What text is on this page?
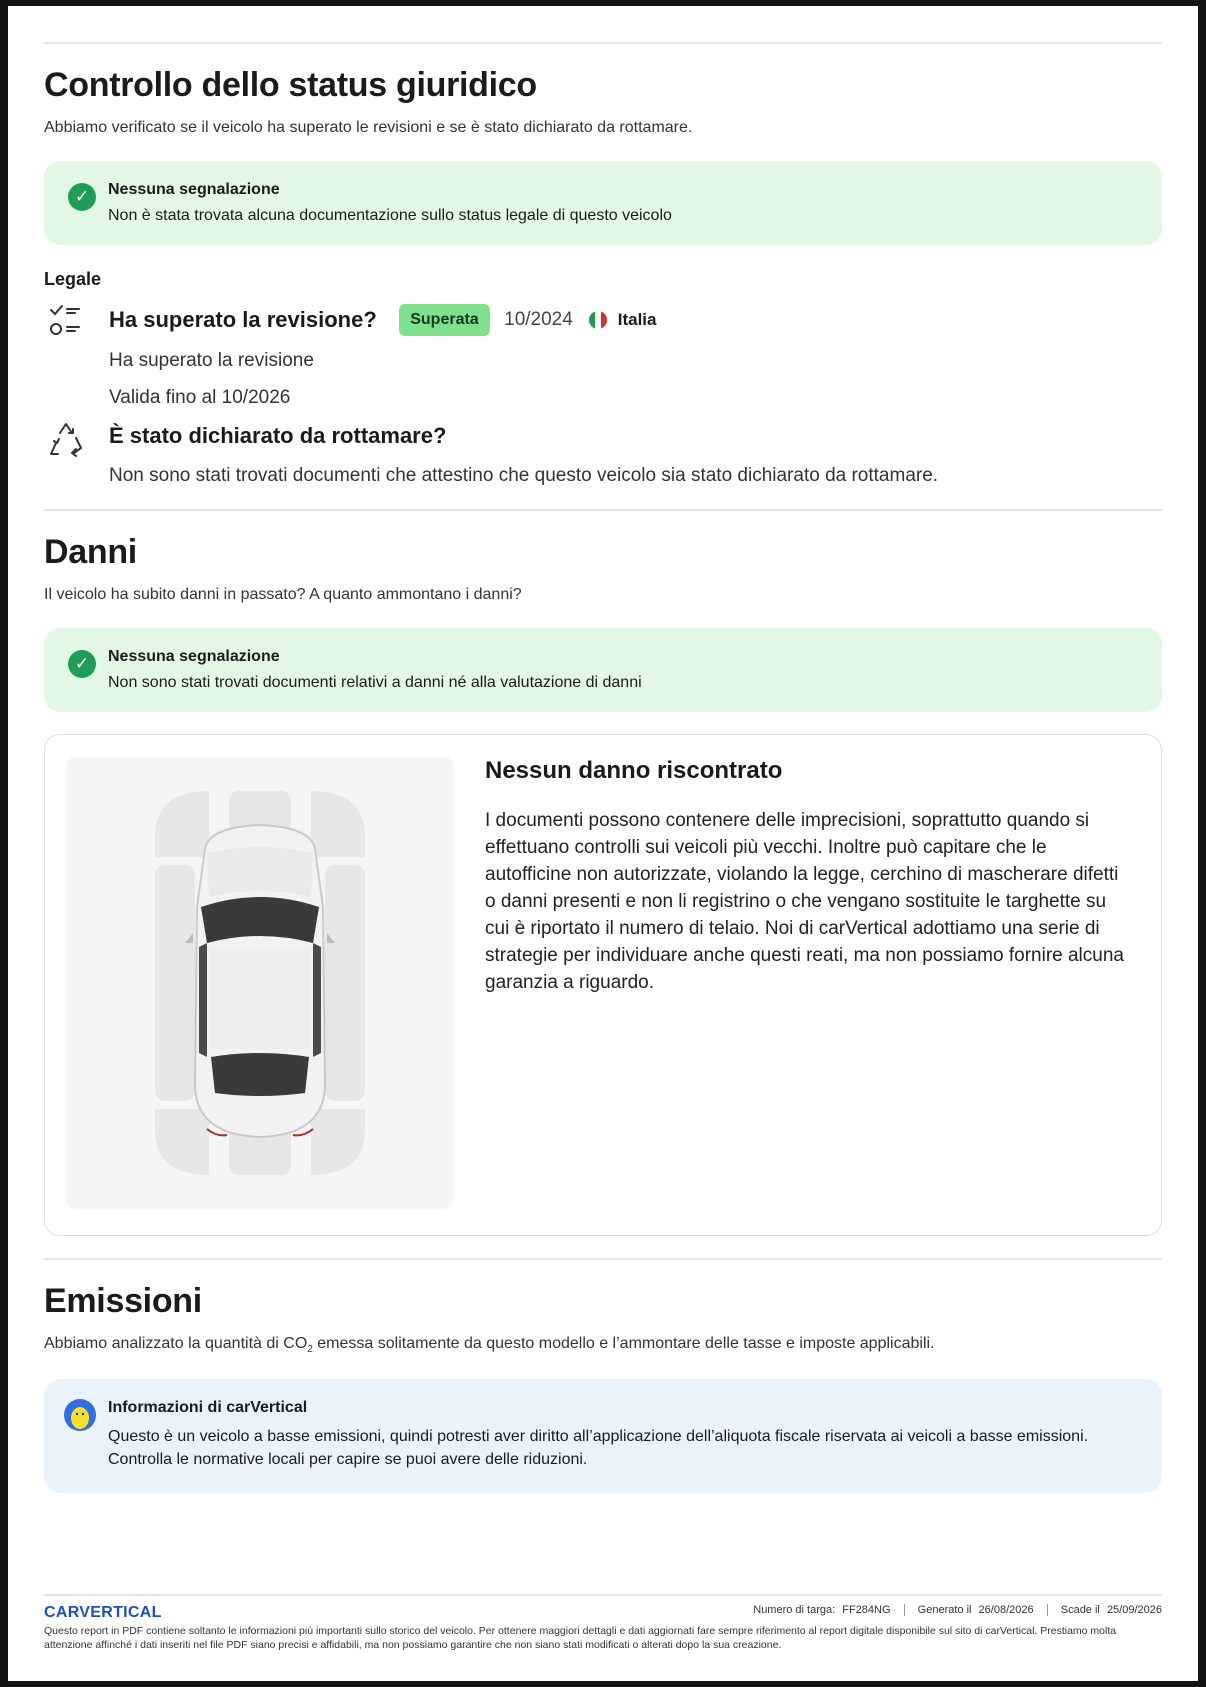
Controllo dello status giuridico

Abbiamo verificato se il veicolo ha superato le revisioni e se è stato dichiarato da rottamare.

✓	Nessuna segnalazione

Non è stata trovata alcuna documentazione sullo status legale di questo veicolo

Legale

Ha superato la revisione? Superata 10/2024	Italia

Ha superato la revisione

Valida fino al 10/2026

È stato dichiarato da rottamare?

Non sono stati trovati documenti che attestino che questo veicolo sia stato dichiarato da rottamare.

Danni

Il veicolo ha subito danni in passato? A quanto ammontano i danni?

✓	Nessuna segnalazione

Non sono stati trovati documenti relativi a danni né alla valutazione di danni

Nessun danno riscontrato

I documenti possono contenere delle imprecisioni, soprattutto quando si effettuano controlli sui veicoli più vecchi. Inoltre può capitare che le autofficine non autorizzate, violando la legge, cerchino di mascherare difetti o danni presenti e non li registrino o che vengano sostituite le targhette su cui è riportato il numero di telaio. Noi di carVertical adottiamo una serie di strategie per individuare anche questi reati, ma non possiamo fornire alcuna garanzia a riguardo.

Emissioni

Abbiamo analizzato la quantità di $CO_2$ emessa solitamente da questo modello e l’ammontare delle tasse e imposte applicabili.

Informazioni di carVertical

Questo è un veicolo a basse emissioni, quindi potresti aver diritto all’applicazione dell’aliquota fiscale riservata ai veicoli a basse emissioni. Controlla le normative locali per capire se puoi avere delle riduzioni.

CARVERTICAL	Numero di targa: FF284NG Generato il 26/08/2026 Scade il 25/09/2026

Questo report in PDF contiene soltanto le informazioni più importanti sullo storico del veicolo. Per ottenere maggiori dettagli e dati aggiornati fare sempre riferimento al report digitale disponibile sul sito di carVertical. Prestiamo molta attenzione affinché i dati inseriti nel file PDF siano precisi e affidabili, ma non possiamo garantire che non siano stati modificati o alterati dopo la sua creazione.
